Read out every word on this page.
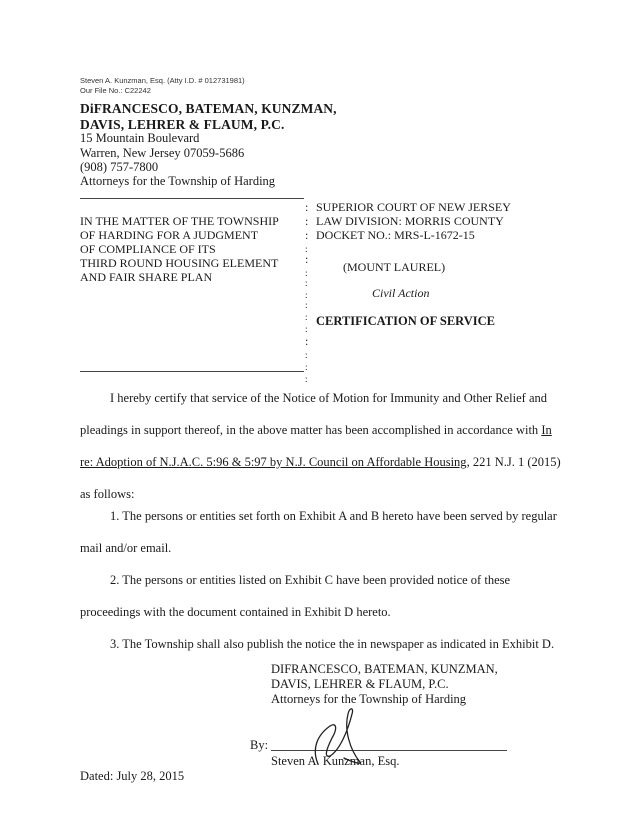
Steven A. Kunzman, Esq. (Atty I.D. # 012731981)
Our File No.: C22242
DiFRANCESCO, BATEMAN, KUNZMAN,
DAVIS, LEHRER & FLAUM, P.C.
15 Mountain Boulevard
Warren, New Jersey 07059-5686
(908) 757-7800
Attorneys for the Township of Harding
IN THE MATTER OF THE TOWNSHIP
OF HARDING FOR A JUDGMENT
OF COMPLIANCE OF ITS
THIRD ROUND HOUSING ELEMENT
AND FAIR SHARE PLAN
:
:
:
:
:
:
:
:
:
:
:
:
:
:
:
SUPERIOR COURT OF NEW JERSEY
LAW DIVISION: MORRIS COUNTY
DOCKET NO.: MRS-L-1672-15
(MOUNT LAUREL)
Civil Action
CERTIFICATION OF SERVICE
I hereby certify that service of the Notice of Motion for Immunity and Other Relief and
pleadings in support thereof, in the above matter has been accomplished in accordance with In
re: Adoption of N.J.A.C. 5:96 & 5:97 by N.J. Council on Affordable Housing, 221 N.J. 1 (2015)
as follows:
1. The persons or entities set forth on Exhibit A and B hereto have been served by regular
mail and/or email.
2. The persons or entities listed on Exhibit C have been provided notice of these
proceedings with the document contained in Exhibit D hereto.
3. The Township shall also publish the notice the in newspaper as indicated in Exhibit D.
DIFRANCESCO, BATEMAN, KUNZMAN,
DAVIS, LEHRER & FLAUM, P.C.
Attorneys for the Township of Harding
By:
Steven A. Kunzman, Esq.
Dated: July 28, 2015
